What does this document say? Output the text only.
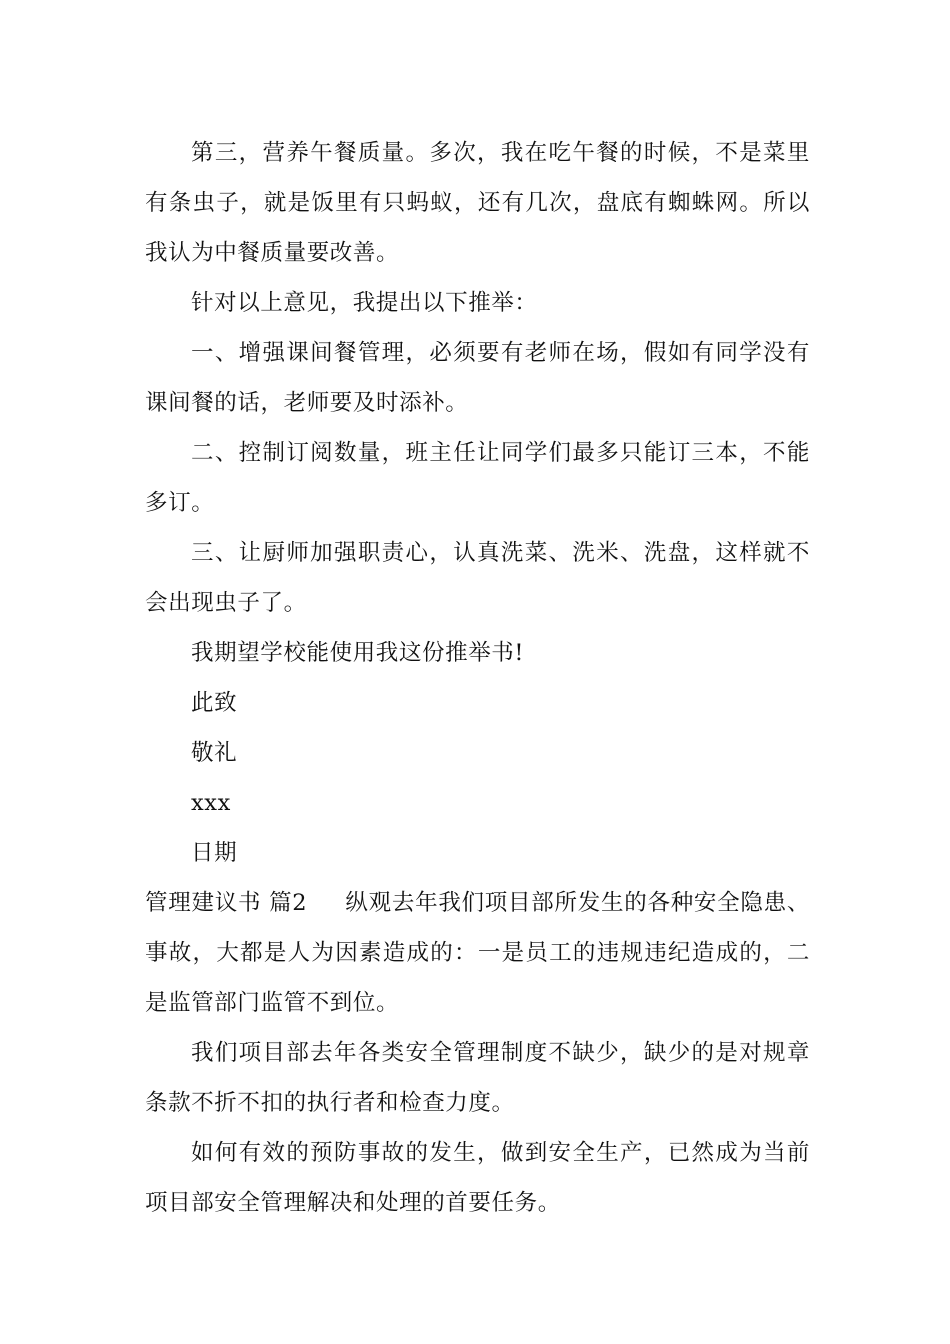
第三，营养午餐质量。多次，我在吃午餐的时候，不是菜里有条虫子，就是饭里有只蚂蚁，还有几次，盘底有蜘蛛网。所以我认为中餐质量要改善。

针对以上意见，我提出以下推举：

一、增强课间餐管理，必须要有老师在场，假如有同学没有课间餐的话，老师要及时添补。

二、控制订阅数量，班主任让同学们最多只能订三本，不能多订。

三、让厨师加强职责心，认真洗菜、洗米、洗盘，这样就不会出现虫子了。

我期望学校能使用我这份推举书!

此致

敬礼

xxx

日期

管理建议书 篇2 纵观去年我们项目部所发生的各种安全隐患、事故，大都是人为因素造成的：一是员工的违规违纪造成的，二是监管部门监管不到位。

我们项目部去年各类安全管理制度不缺少，缺少的是对规章条款不折不扣的执行者和检查力度。

如何有效的预防事故的发生，做到安全生产，已然成为当前项目部安全管理解决和处理的首要任务。
